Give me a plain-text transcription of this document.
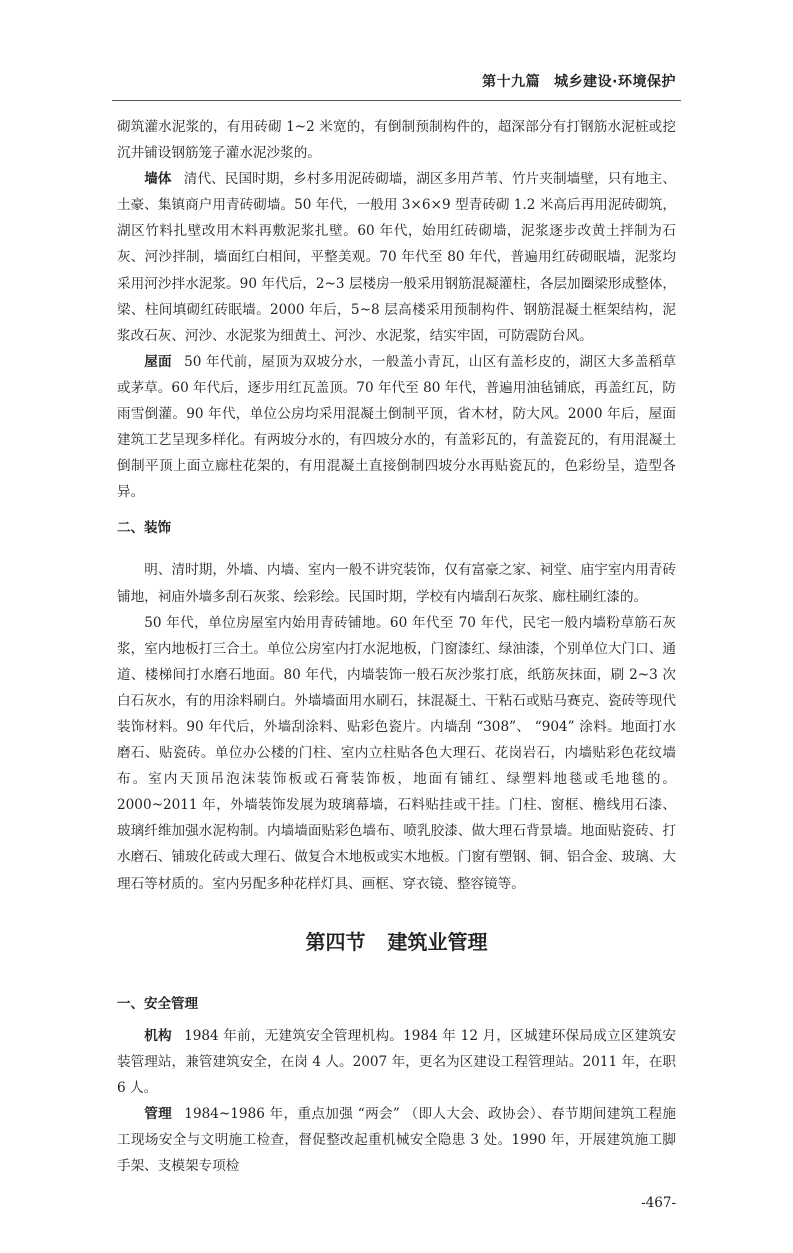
第十九篇 城乡建设·环境保护

砌筑灌水泥浆的，有用砖砌 1~2 米宽的，有倒制预制构件的，超深部分有打钢筋水泥桩或挖沉井铺设钢筋笼子灌水泥沙浆的。

墙体 清代、民国时期，乡村多用泥砖砌墙，湖区多用芦苇、竹片夹制墙壁，只有地主、土豪、集镇商户用青砖砌墙。50 年代，一般用 3×6×9 型青砖砌 1.2 米高后再用泥砖砌筑，湖区竹料扎壁改用木料再敷泥浆扎壁。60 年代，始用红砖砌墙，泥浆逐步改黄土拌制为石灰、河沙拌制，墙面红白相间，平整美观。70 年代至 80 年代，普遍用红砖砌眠墙，泥浆均采用河沙拌水泥浆。90 年代后，2~3 层楼房一般采用钢筋混凝灌柱，各层加圈梁形成整体，梁、柱间填砌红砖眠墙。2000 年后，5~8 层高楼采用预制构件、钢筋混凝土框架结构，泥浆改石灰、河沙、水泥浆为细黄土、河沙、水泥浆，结实牢固，可防震防台风。

屋面 50 年代前，屋顶为双坡分水，一般盖小青瓦，山区有盖杉皮的，湖区大多盖稻草或茅草。60 年代后，逐步用红瓦盖顶。70 年代至 80 年代，普遍用油毡铺底，再盖红瓦，防雨雪倒灌。90 年代，单位公房均采用混凝土倒制平顶，省木材，防大风。2000 年后，屋面建筑工艺呈现多样化。有两坡分水的，有四坡分水的，有盖彩瓦的，有盖瓷瓦的，有用混凝土倒制平顶上面立廊柱花架的，有用混凝土直接倒制四坡分水再贴瓷瓦的，色彩纷呈，造型各异。

二、装饰

明、清时期，外墙、内墙、室内一般不讲究装饰，仅有富豪之家、祠堂、庙宇室内用青砖铺地，祠庙外墙多刮石灰浆、绘彩绘。民国时期，学校有内墙刮石灰浆、廊柱刷红漆的。

50 年代，单位房屋室内始用青砖铺地。60 年代至 70 年代，民宅一般内墙粉草筋石灰浆，室内地板打三合土。单位公房室内打水泥地板，门窗漆红、绿油漆，个别单位大门口、通道、楼梯间打水磨石地面。80 年代，内墙装饰一般石灰沙浆打底，纸筋灰抹面，刷 2~3 次白石灰水，有的用涂料刷白。外墙墙面用水刷石，抹混凝土、干粘石或贴马赛克、瓷砖等现代装饰材料。90 年代后，外墙刮涂料、贴彩色瓷片。内墙刮 “308”、 “904” 涂料。地面打水磨石、贴瓷砖。单位办公楼的门柱、室内立柱贴各色大理石、花岗岩石，内墙贴彩色花纹墙布。室内天顶吊泡沫装饰板或石膏装饰板，地面有铺红、绿塑料地毯或毛地毯的。2000~2011 年，外墙装饰发展为玻璃幕墙，石料贴挂或干挂。门柱、窗框、檐线用石漆、玻璃纤维加强水泥构制。内墙墙面贴彩色墙布、喷乳胶漆、做大理石背景墙。地面贴瓷砖、打水磨石、铺玻化砖或大理石、做复合木地板或实木地板。门窗有塑钢、铜、铝合金、玻璃、大理石等材质的。室内另配多种花样灯具、画框、穿衣镜、整容镜等。

第四节 建筑业管理
一、安全管理

机构 1984 年前，无建筑安全管理机构。1984 年 12 月，区城建环保局成立区建筑安装管理站，兼管建筑安全，在岗 4 人。2007 年，更名为区建设工程管理站。2011 年，在职 6 人。

管理 1984~1986 年，重点加强 “两会” （即人大会、政协会）、春节期间建筑工程施工现场安全与文明施工检查，督促整改起重机械安全隐患 3 处。1990 年，开展建筑施工脚手架、支模架专项检

-467-
